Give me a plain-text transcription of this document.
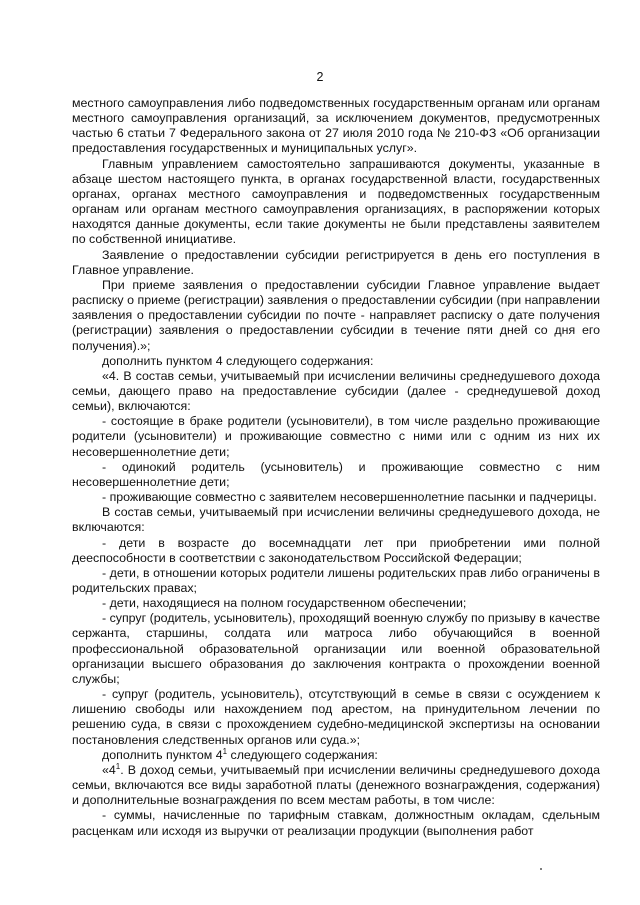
2

местного самоуправления либо подведомственных государственным органам или органам местного самоуправления организаций, за исключением документов, предусмотренных частью 6 статьи 7 Федерального закона от 27 июля 2010 года № 210-ФЗ «Об организации предоставления государственных и муниципальных услуг».

Главным управлением самостоятельно запрашиваются документы, указанные в абзаце шестом настоящего пункта, в органах государственной власти, государственных органах, органах местного самоуправления и подведомственных государственным органам или органам местного самоуправления организациях, в распоряжении которых находятся данные документы, если такие документы не были представлены заявителем по собственной инициативе.

Заявление о предоставлении субсидии регистрируется в день его поступления в Главное управление.

При приеме заявления о предоставлении субсидии Главное управление выдает расписку о приеме (регистрации) заявления о предоставлении субсидии (при направлении заявления о предоставлении субсидии по почте - направляет расписку о дате получения (регистрации) заявления о предоставлении субсидии в течение пяти дней со дня его получения).»;

дополнить пунктом 4 следующего содержания:

«4. В состав семьи, учитываемый при исчислении величины среднедушевого дохода семьи, дающего право на предоставление субсидии (далее - среднедушевой доход семьи), включаются:

- состоящие в браке родители (усыновители), в том числе раздельно проживающие родители (усыновители) и проживающие совместно с ними или с одним из них их несовершеннолетние дети;

- одинокий родитель (усыновитель) и проживающие совместно с ним несовершеннолетние дети;

- проживающие совместно с заявителем несовершеннолетние пасынки и падчерицы.

В состав семьи, учитываемый при исчислении величины среднедушевого дохода, не включаются:

- дети в возрасте до восемнадцати лет при приобретении ими полной дееспособности в соответствии с законодательством Российской Федерации;

- дети, в отношении которых родители лишены родительских прав либо ограничены в родительских правах;

- дети, находящиеся на полном государственном обеспечении;

- супруг (родитель, усыновитель), проходящий военную службу по призыву в качестве сержанта, старшины, солдата или матроса либо обучающийся в военной профессиональной образовательной организации или военной образовательной организации высшего образования до заключения контракта о прохождении военной службы;

- супруг (родитель, усыновитель), отсутствующий в семье в связи с осуждением к лишению свободы или нахождением под арестом, на принудительном лечении по решению суда, в связи с прохождением судебно-медицинской экспертизы на основании постановления следственных органов или суда.»;

дополнить пунктом $4^1$ следующего содержания:

«$4^1$. В доход семьи, учитываемый при исчислении величины среднедушевого дохода семьи, включаются все виды заработной платы (денежного вознаграждения, содержания) и дополнительные вознаграждения по всем местам работы, в том числе:

- суммы, начисленные по тарифным ставкам, должностным окладам, сдельным расценкам или исходя из выручки от реализации продукции (выполнения работ
